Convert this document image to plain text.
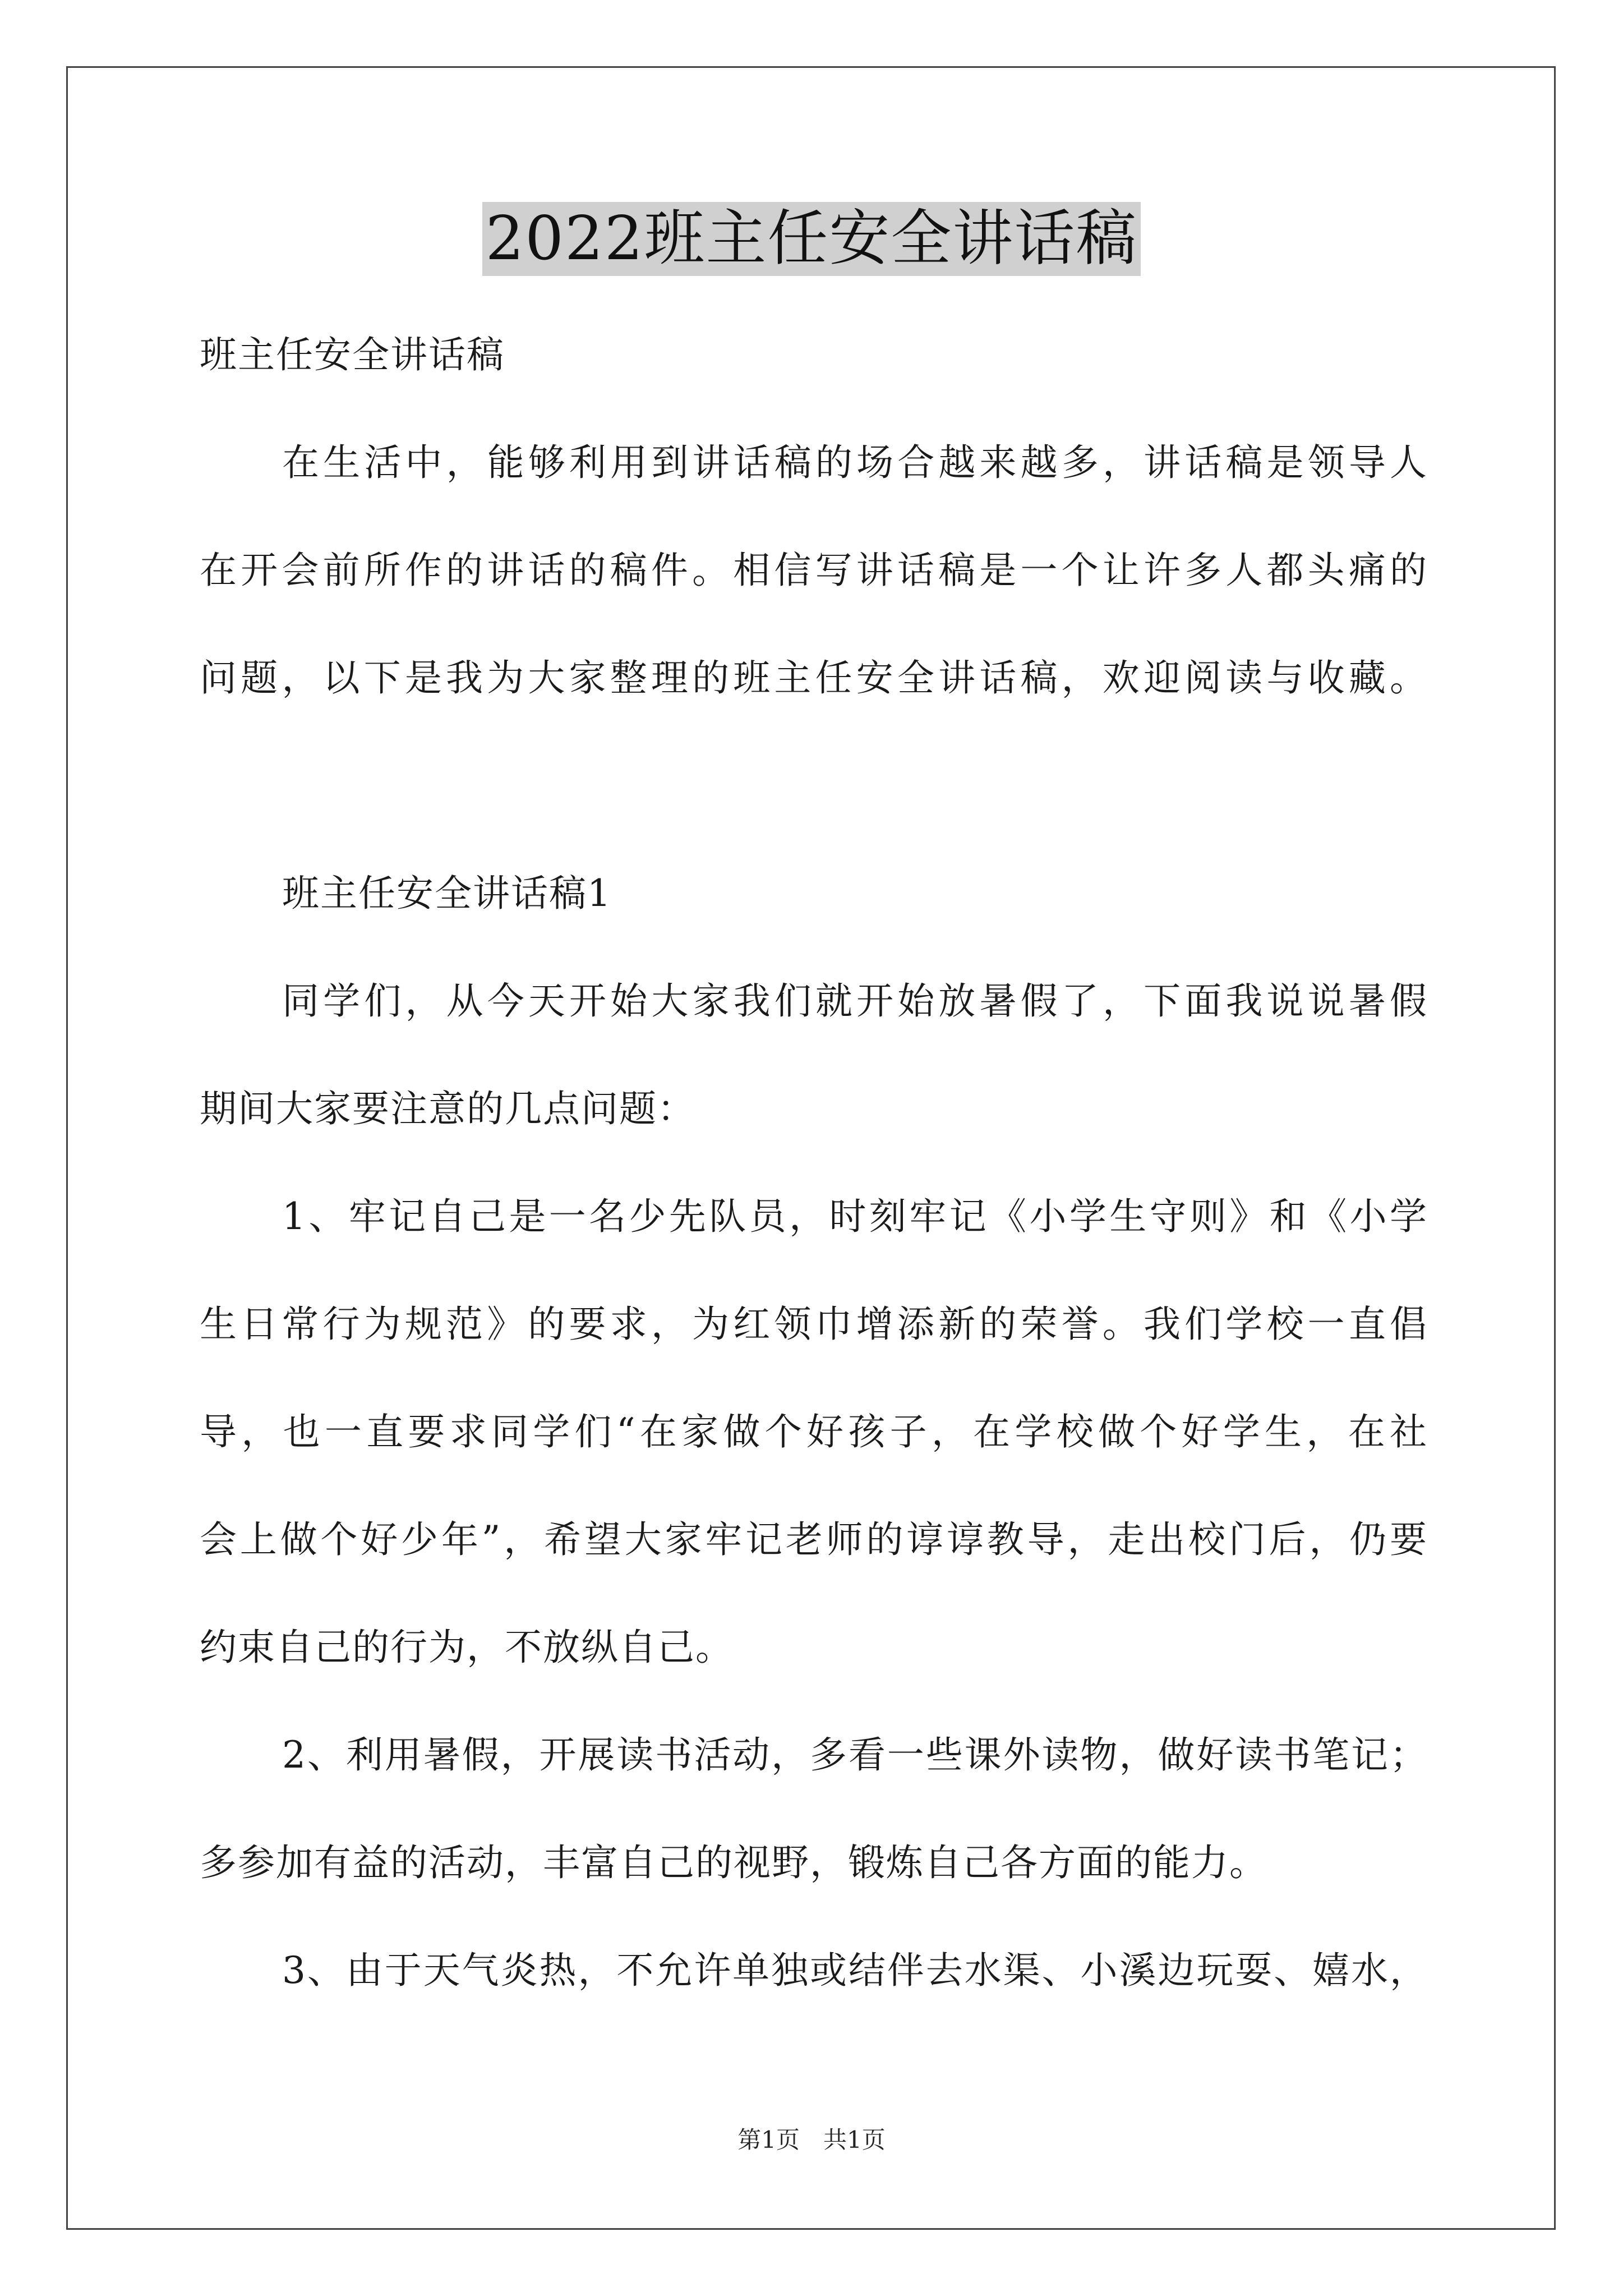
2022班主任安全讲话稿
班主任安全讲话稿
在生活中，能够利用到讲话稿的场合越来越多，讲话稿是领导人
在开会前所作的讲话的稿件。相信写讲话稿是一个让许多人都头痛的
问题，以下是我为大家整理的班主任安全讲话稿，欢迎阅读与收藏。
班主任安全讲话稿1
同学们，从今天开始大家我们就开始放暑假了，下面我说说暑假
期间大家要注意的几点问题：
1、牢记自己是一名少先队员，时刻牢记《小学生守则》和《小学
生日常行为规范》的要求，为红领巾增添新的荣誉。我们学校一直倡
导，也一直要求同学们“在家做个好孩子，在学校做个好学生，在社
会上做个好少年”，希望大家牢记老师的谆谆教导，走出校门后，仍要
约束自己的行为，不放纵自己。
2、利用暑假，开展读书活动，多看一些课外读物，做好读书笔记；
多参加有益的活动，丰富自己的视野，锻炼自己各方面的能力。
3、由于天气炎热，不允许单独或结伴去水渠、小溪边玩耍、嬉水，
第1页　共1页
